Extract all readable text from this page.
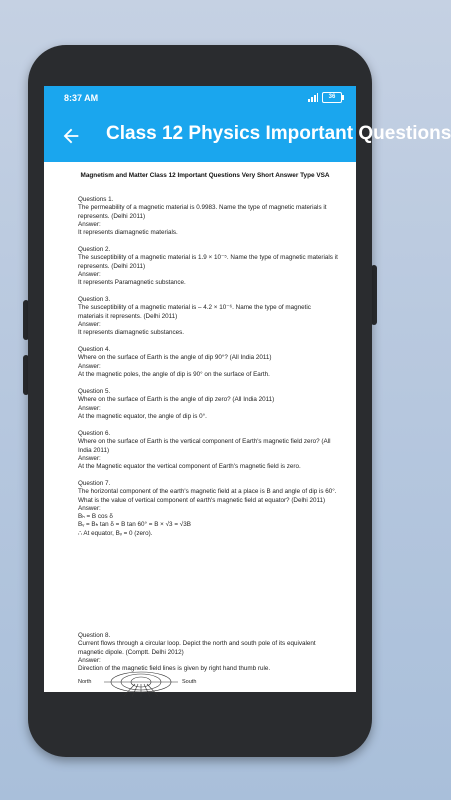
8:37 AM	36
Class 12 Physics Important Questions
Magnetism and Matter Class 12 Important Questions Very Short Answer Type VSA
Questions 1.
The permeability of a magnetic material is 0.9983. Name the type of magnetic materials it represents. (Delhi 2011)
Answer:
It represents diamagnetic materials.
Question 2.
The susceptibility of a magnetic material is 1.9 × 10⁻⁵. Name the type of magnetic materials it represents. (Delhi 2011)
Answer:
It represents Paramagnetic substance.
Question 3.
The susceptibility of a magnetic material is – 4.2 × 10⁻⁶. Name the type of magnetic materials it represents. (Delhi 2011)
Answer:
It represents diamagnetic substances.
Question 4.
Where on the surface of Earth is the angle of dip 90°? (All India 2011)
Answer:
At the magnetic poles, the angle of dip is 90° on the surface of Earth.
Question 5.
Where on the surface of Earth is the angle of dip zero? (All India 2011)
Answer:
At the magnetic equator, the angle of dip is 0°.
Question 6.
Where on the surface of Earth is the vertical component of Earth's magnetic field zero? (All India 2011)
Answer:
At the Magnetic equator the vertical component of Earth's magnetic field is zero.
Question 7.
The horizontal component of the earth's magnetic field at a place is B and angle of dip is 60°. What is the value of vertical component of earth's magnetic field at equator? (Delhi 2011)
Answer:
Bₕ = B cos δ
Bᵥ = Bₕ tan δ = B tan 60° = B × √3 = √3B
∴ At equator, Bᵥ = 0 (zero).
Question 8.
Current flows through a circular loop. Depict the north and south pole of its equivalent magnetic dipole. (Comptt. Delhi 2012)
Answer:
Direction of the magnetic field lines is given by right hand thumb rule.
North	South
